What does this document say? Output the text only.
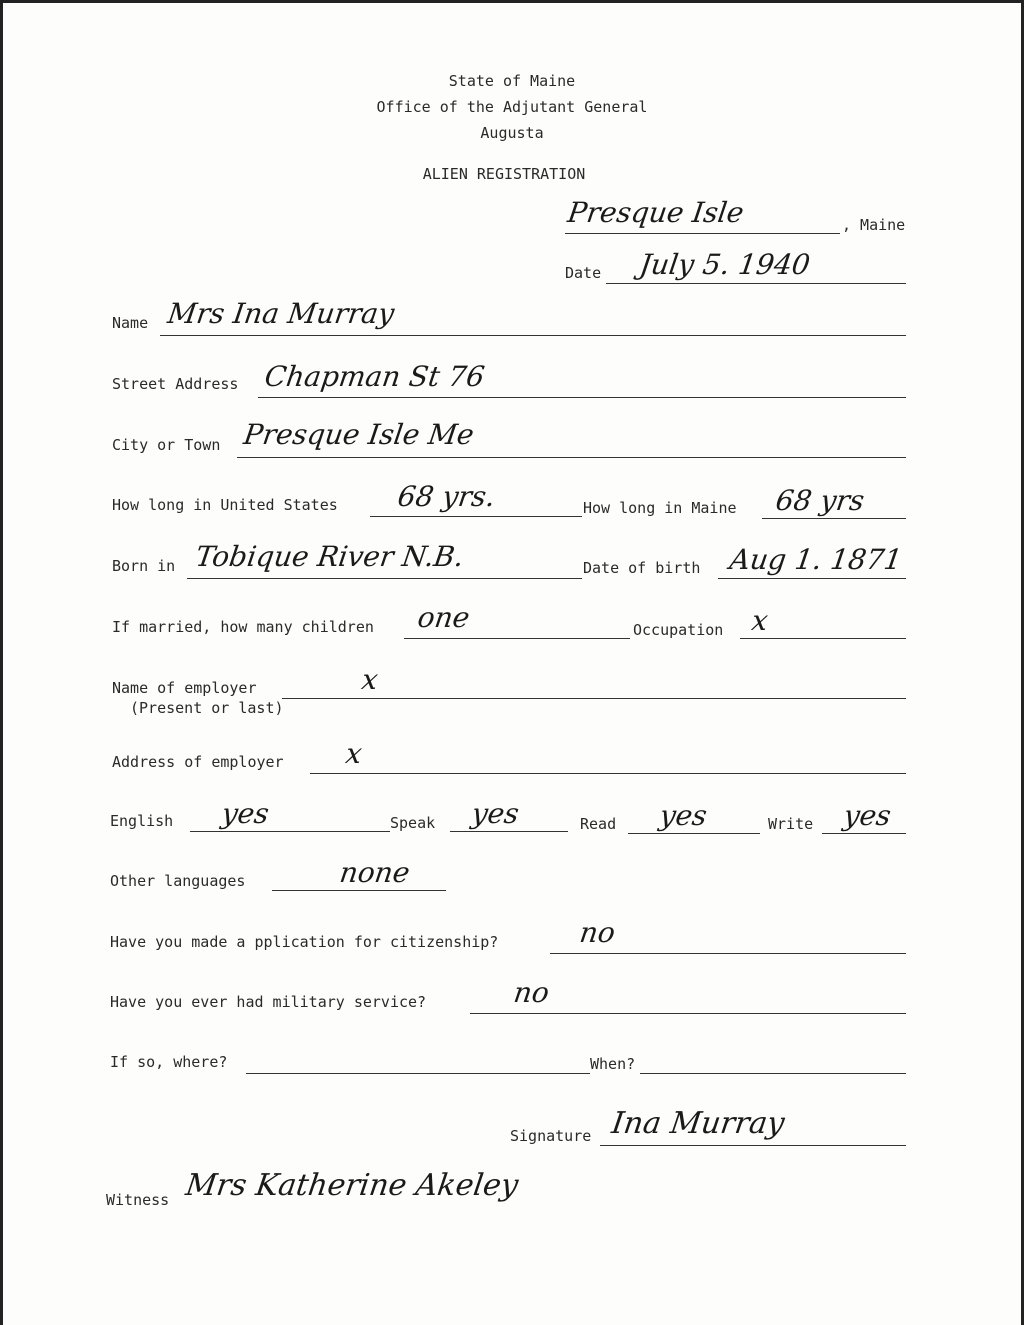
State of Maine
Office of the Adjutant General
Augusta
ALIEN REGISTRATION
Presque Isle	, Maine
Date July 5. 1940
Name Mrs Ina Murray
Street Address Chapman St 76
City or Town Presque Isle Me
How long in United States 68 yrs.	How long in Maine 68 yrs
Born in Tobique River N.B.	Date of birth Aug 1. 1871
If married, how many children one	Occupation x
Name of employer
(Present or last)
x
Address of employer x
English yes	Speak yes	Read yes	Write yes
Other languages	none
Have you made a pplication for citizenship?	no
Have you ever had military service?	no
If so, where?	When?
Signature Ina Murray
Witness Mrs Katherine Akeley
